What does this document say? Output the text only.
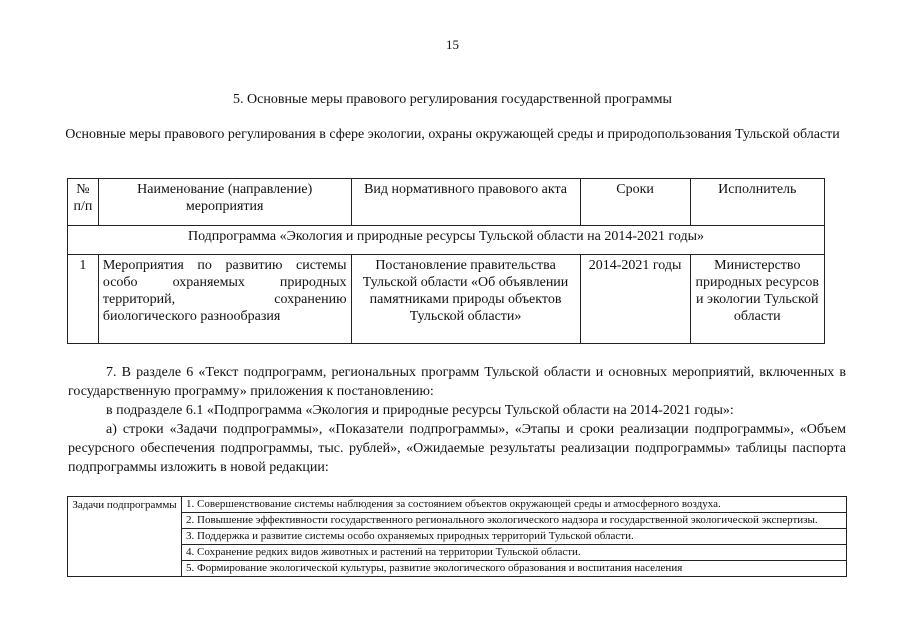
15
5. Основные меры правового регулирования государственной программы
Основные меры правового регулирования в сфере экологии, охраны окружающей среды и природопользования Тульской области
№ п/п	Наименование (направление) мероприятия	Вид нормативного правового акта	Сроки	Исполнитель
Подпрограмма «Экология и природные ресурсы Тульской области на 2014-2021 годы»				
1	Мероприятия по развитию системы особо охраняемых природных территорий, сохранению биологического разнообразия	Постановление правительства Тульской области «Об объявлении памятниками природы объектов Тульской области»	2014-2021 годы	Министерство природных ресурсов и экологии Тульской области

7. В разделе 6 «Текст подпрограмм, региональных программ Тульской области и основных мероприятий, включенных в государственную программу» приложения к постановлению:

в подразделе 6.1 «Подпрограмма «Экология и природные ресурсы Тульской области на 2014-2021 годы»:

а) строки «Задачи подпрограммы», «Показатели подпрограммы», «Этапы и сроки реализации подпрограммы», «Объем ресурсного обеспечения подпрограммы, тыс. рублей», «Ожидаемые результаты реализации подпрограммы» таблицы паспорта подпрограммы изложить в новой редакции:

Задачи подпрограммы	1. Совершенствование системы наблюдения за состоянием объектов окружающей среды и атмосферного воздуха.
2. Повышение эффективности государственного регионального экологического надзора и государственной экологической экспертизы.
3. Поддержка и развитие системы особо охраняемых природных территорий Тульской области.
4. Сохранение редких видов животных и растений на территории Тульской области.
5. Формирование экологической культуры, развитие экологического образования и воспитания населения
